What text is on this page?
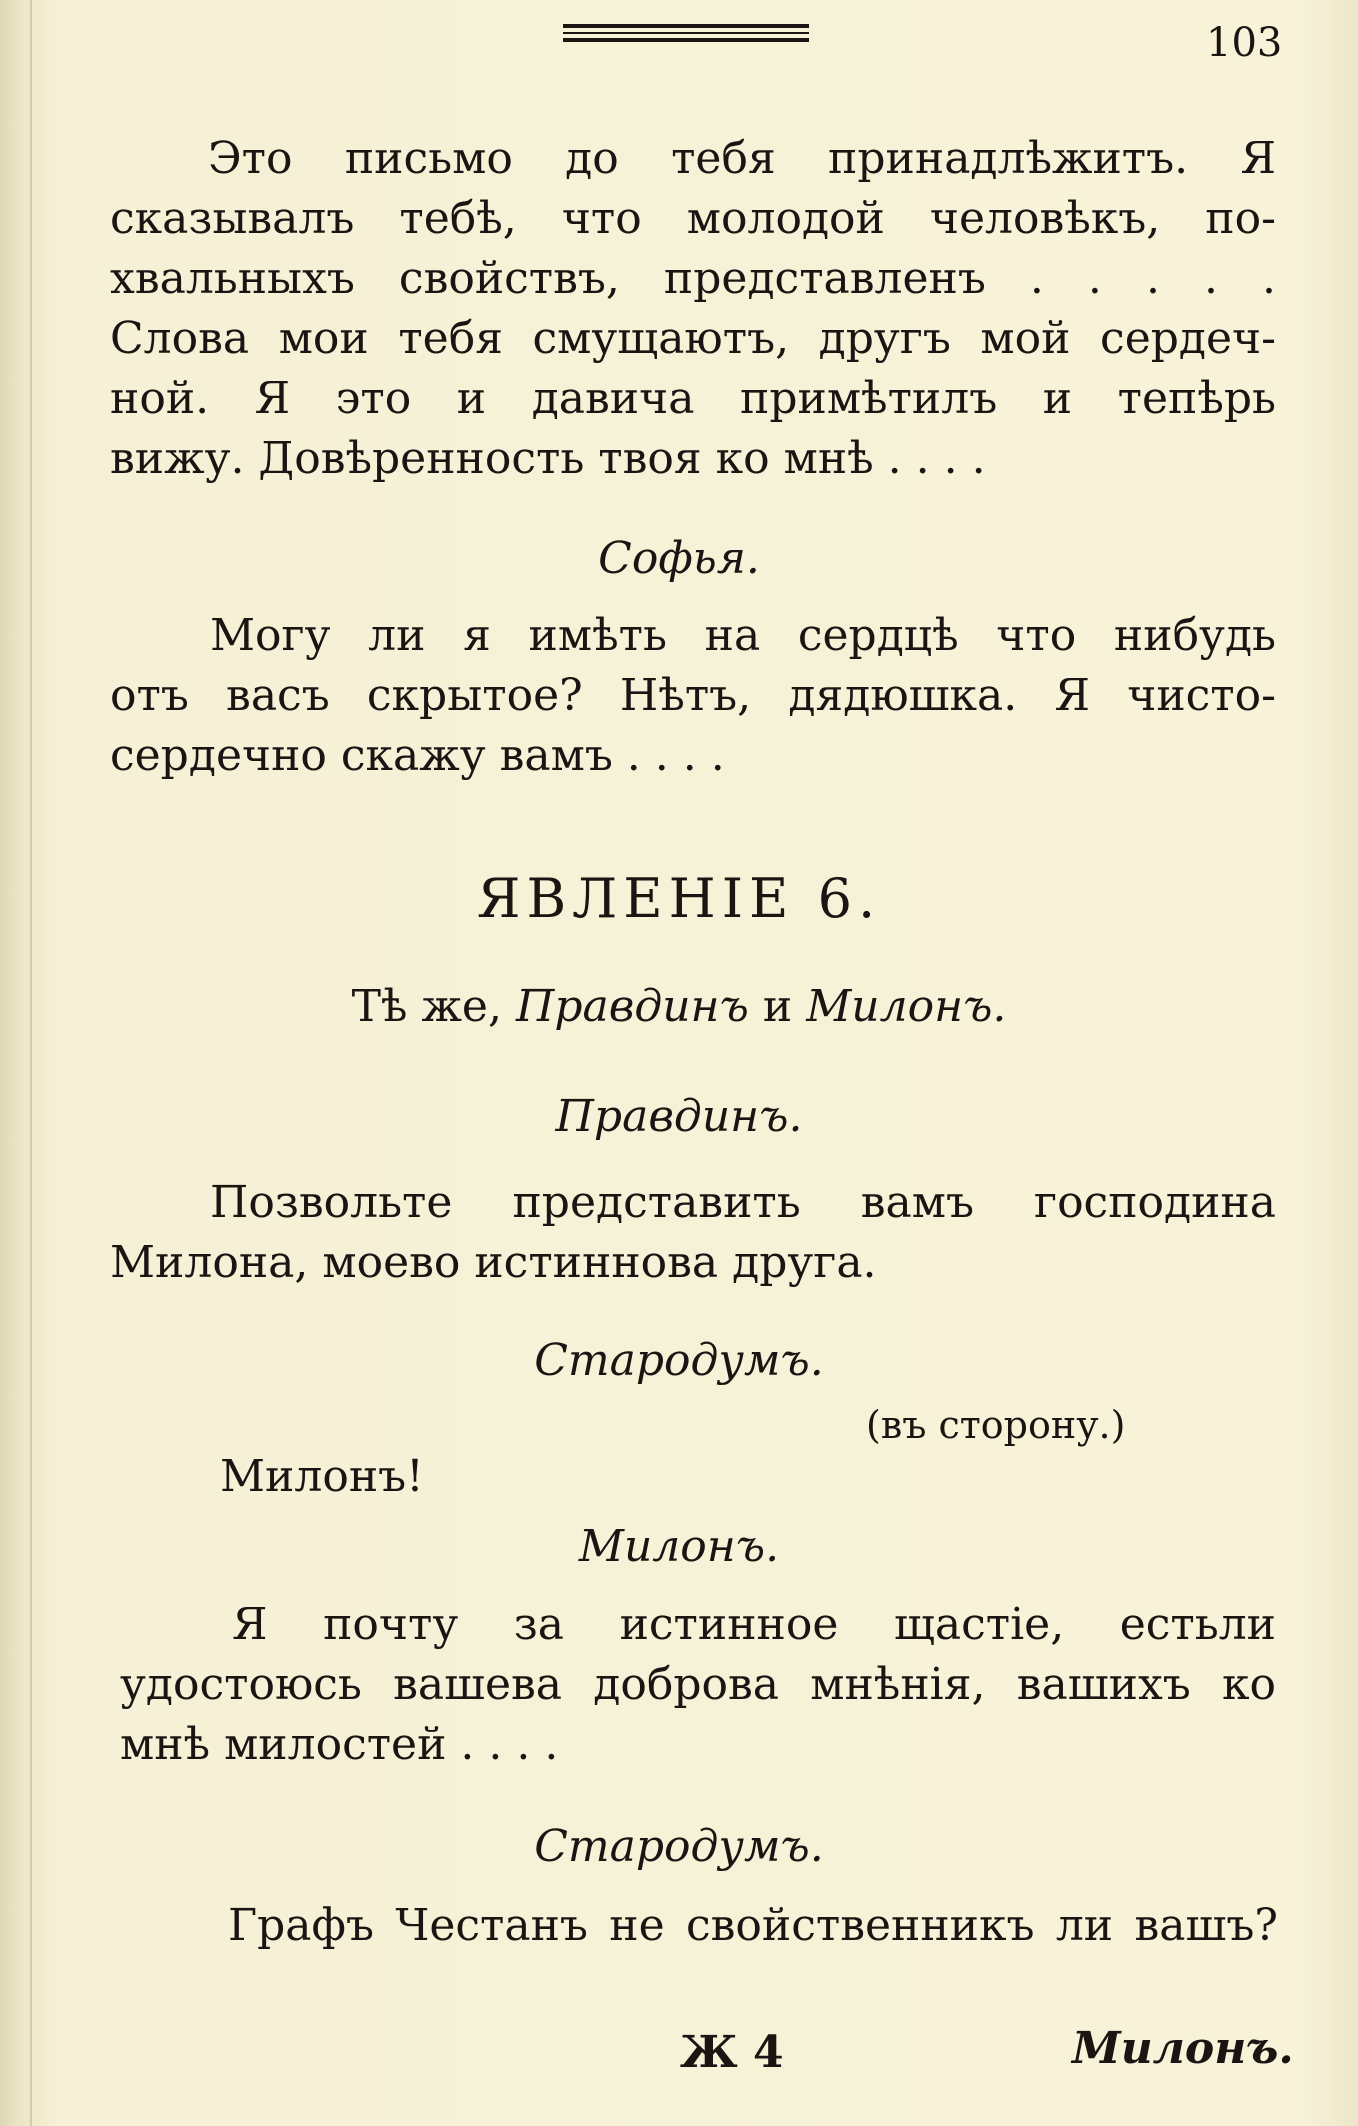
103
Это письмо до тебя принадлѣжитъ. Я
сказывалъ тебѣ, что молодой человѣкъ, по-
хвальныхъ свойствъ, представленъ . . . . .
Слова мои тебя смущаютъ, другъ мой сердеч-
ной. Я это и давича примѣтилъ и тепѣрь
вижу. Довѣренность твоя ко мнѣ . . . .
Софья.
Могу ли я имѣть на сердцѣ что нибудь
отъ васъ скрытое? Нѣтъ, дядюшка. Я чисто-
сердечно скажу вамъ . . . .
ЯВЛЕНІЕ 6.
Тѣ же, Правдинъ и Милонъ.
Правдинъ.
Позвольте представить вамъ господина
Милона, моево истиннова друга.
Стародумъ.
(въ сторону.)
Милонъ!
Милонъ.
Я почту за истинное щастіе, естьли
удостоюсь вашева доброва мнѣнія, вашихъ ко
мнѣ милостей . . . .
Стародумъ.
Графъ Честанъ не свойственникъ ли вашъ?
Ж 4	Милонъ.
